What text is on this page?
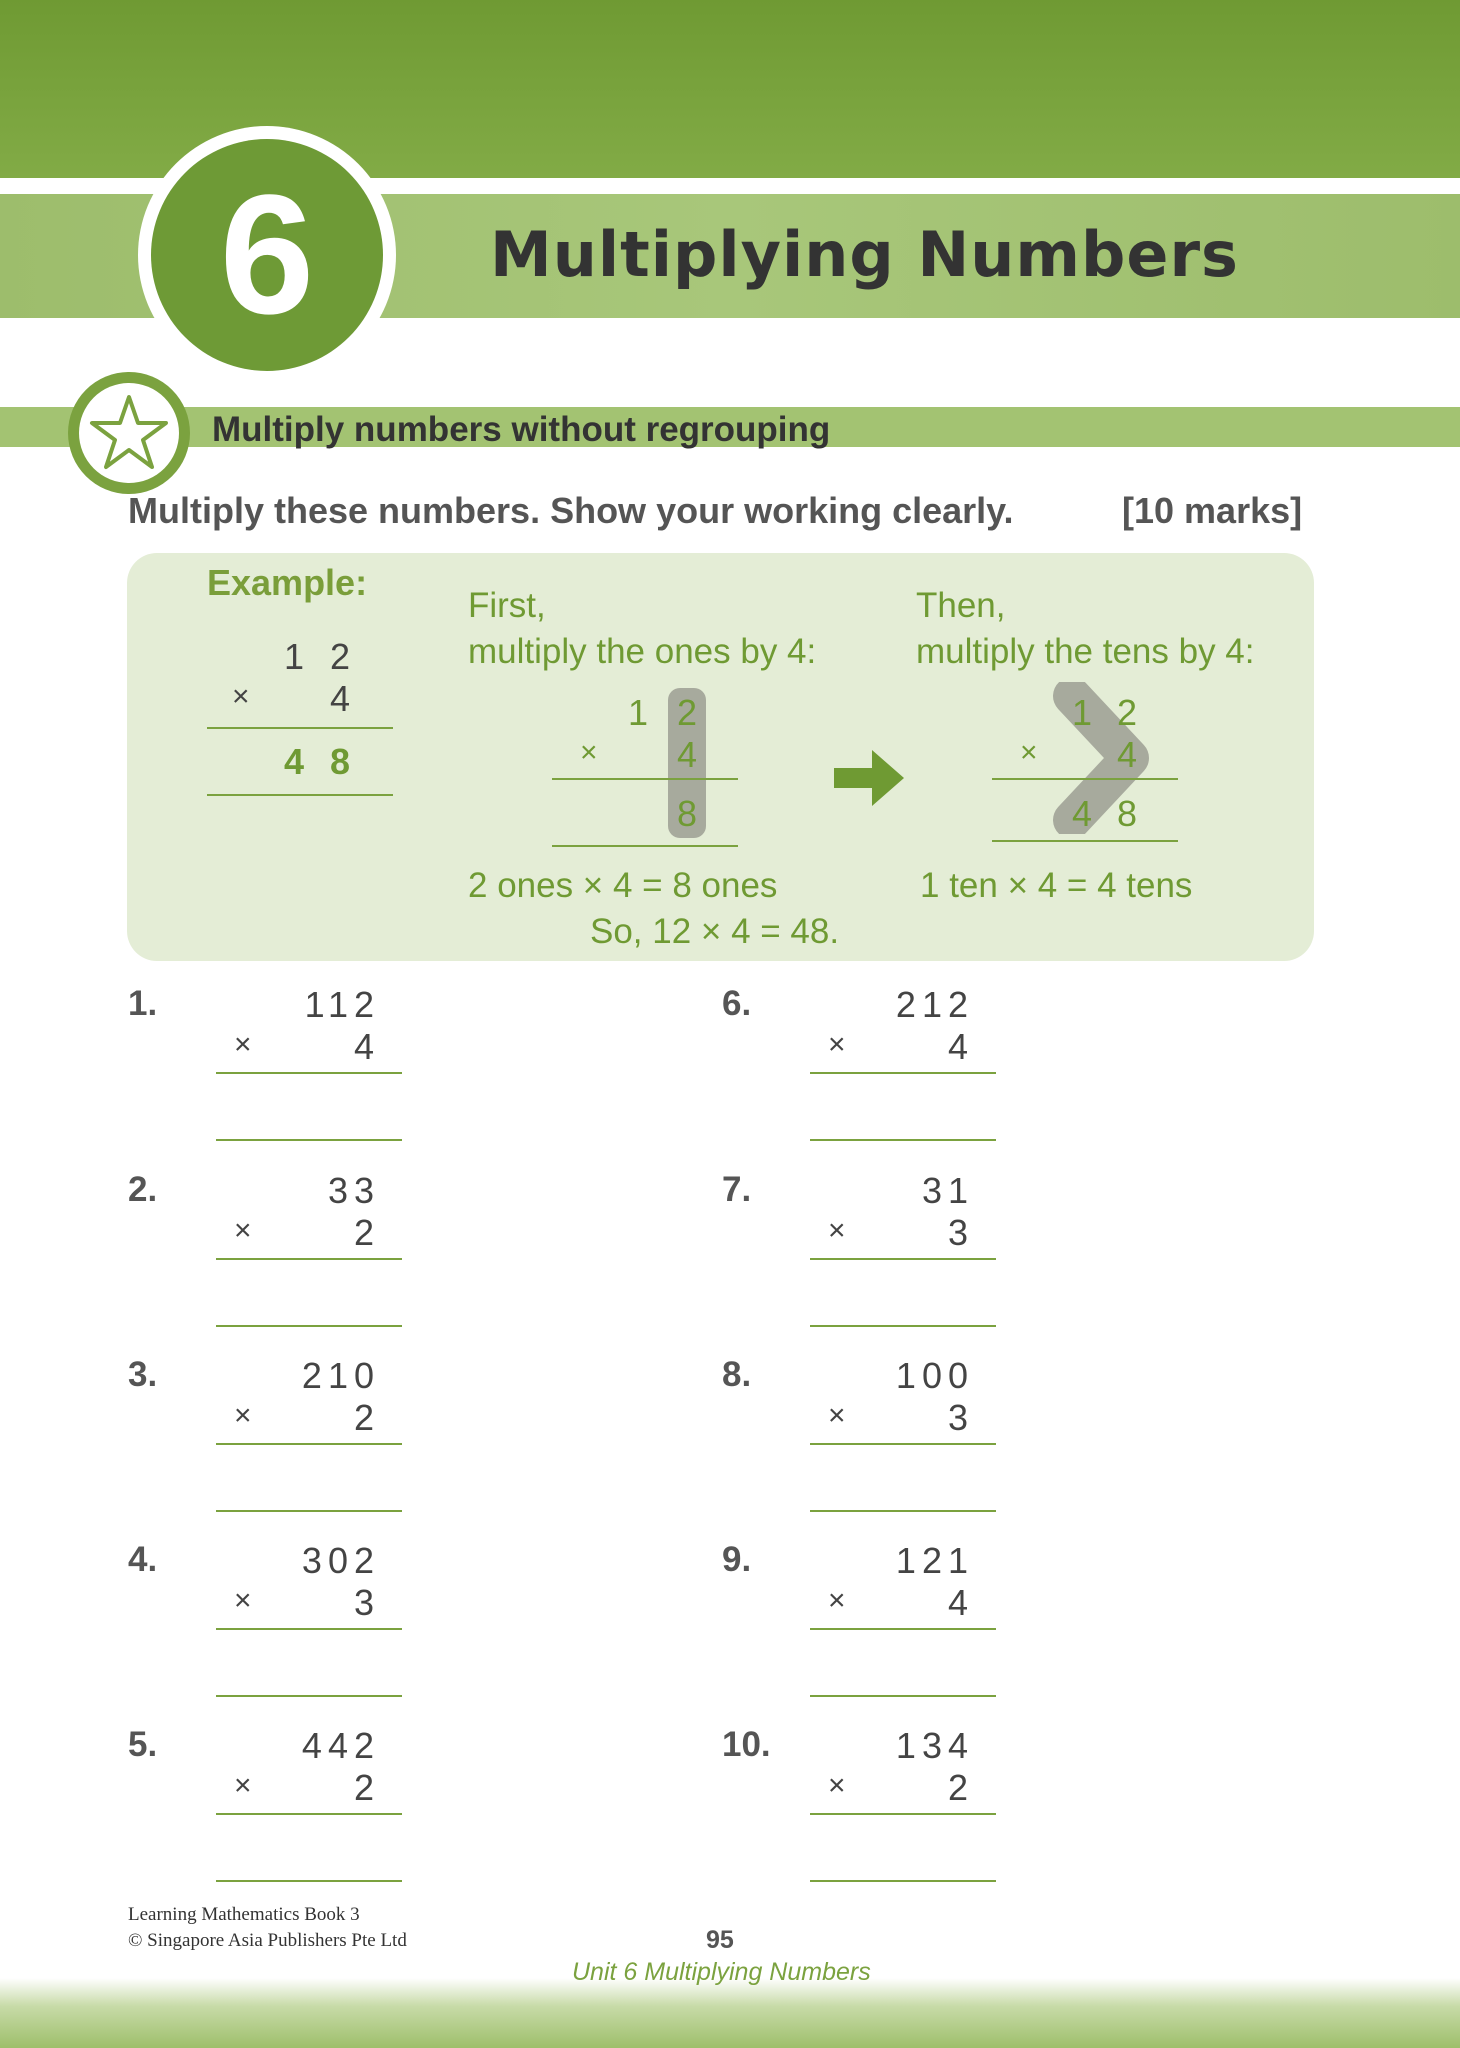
6	Multiplying Numbers
Multiply numbers without regrouping
Multiply these numbers. Show your working clearly.	[10 marks]
Example:
1 2
× 4
4 8
First,
multiply the ones by 4:
1 2
× 4
8
2 ones × 4 = 8 ones
Then,
multiply the tens by 4:
1 2
× 4
4 8
1 ten × 4 = 4 tens
So, 12 × 4 = 48.
1.	112
×	4
2.	33
×	2
3.	210
×	2
4.	302
×	3
5.	442
×	2
6.	212
×	4
7.	31
×	3
8.	100
×	3
9.	121
×	4
10.	134
×	2
Learning Mathematics Book 3
© Singapore Asia Publishers Pte Ltd	95
Unit 6 Multiplying Numbers
